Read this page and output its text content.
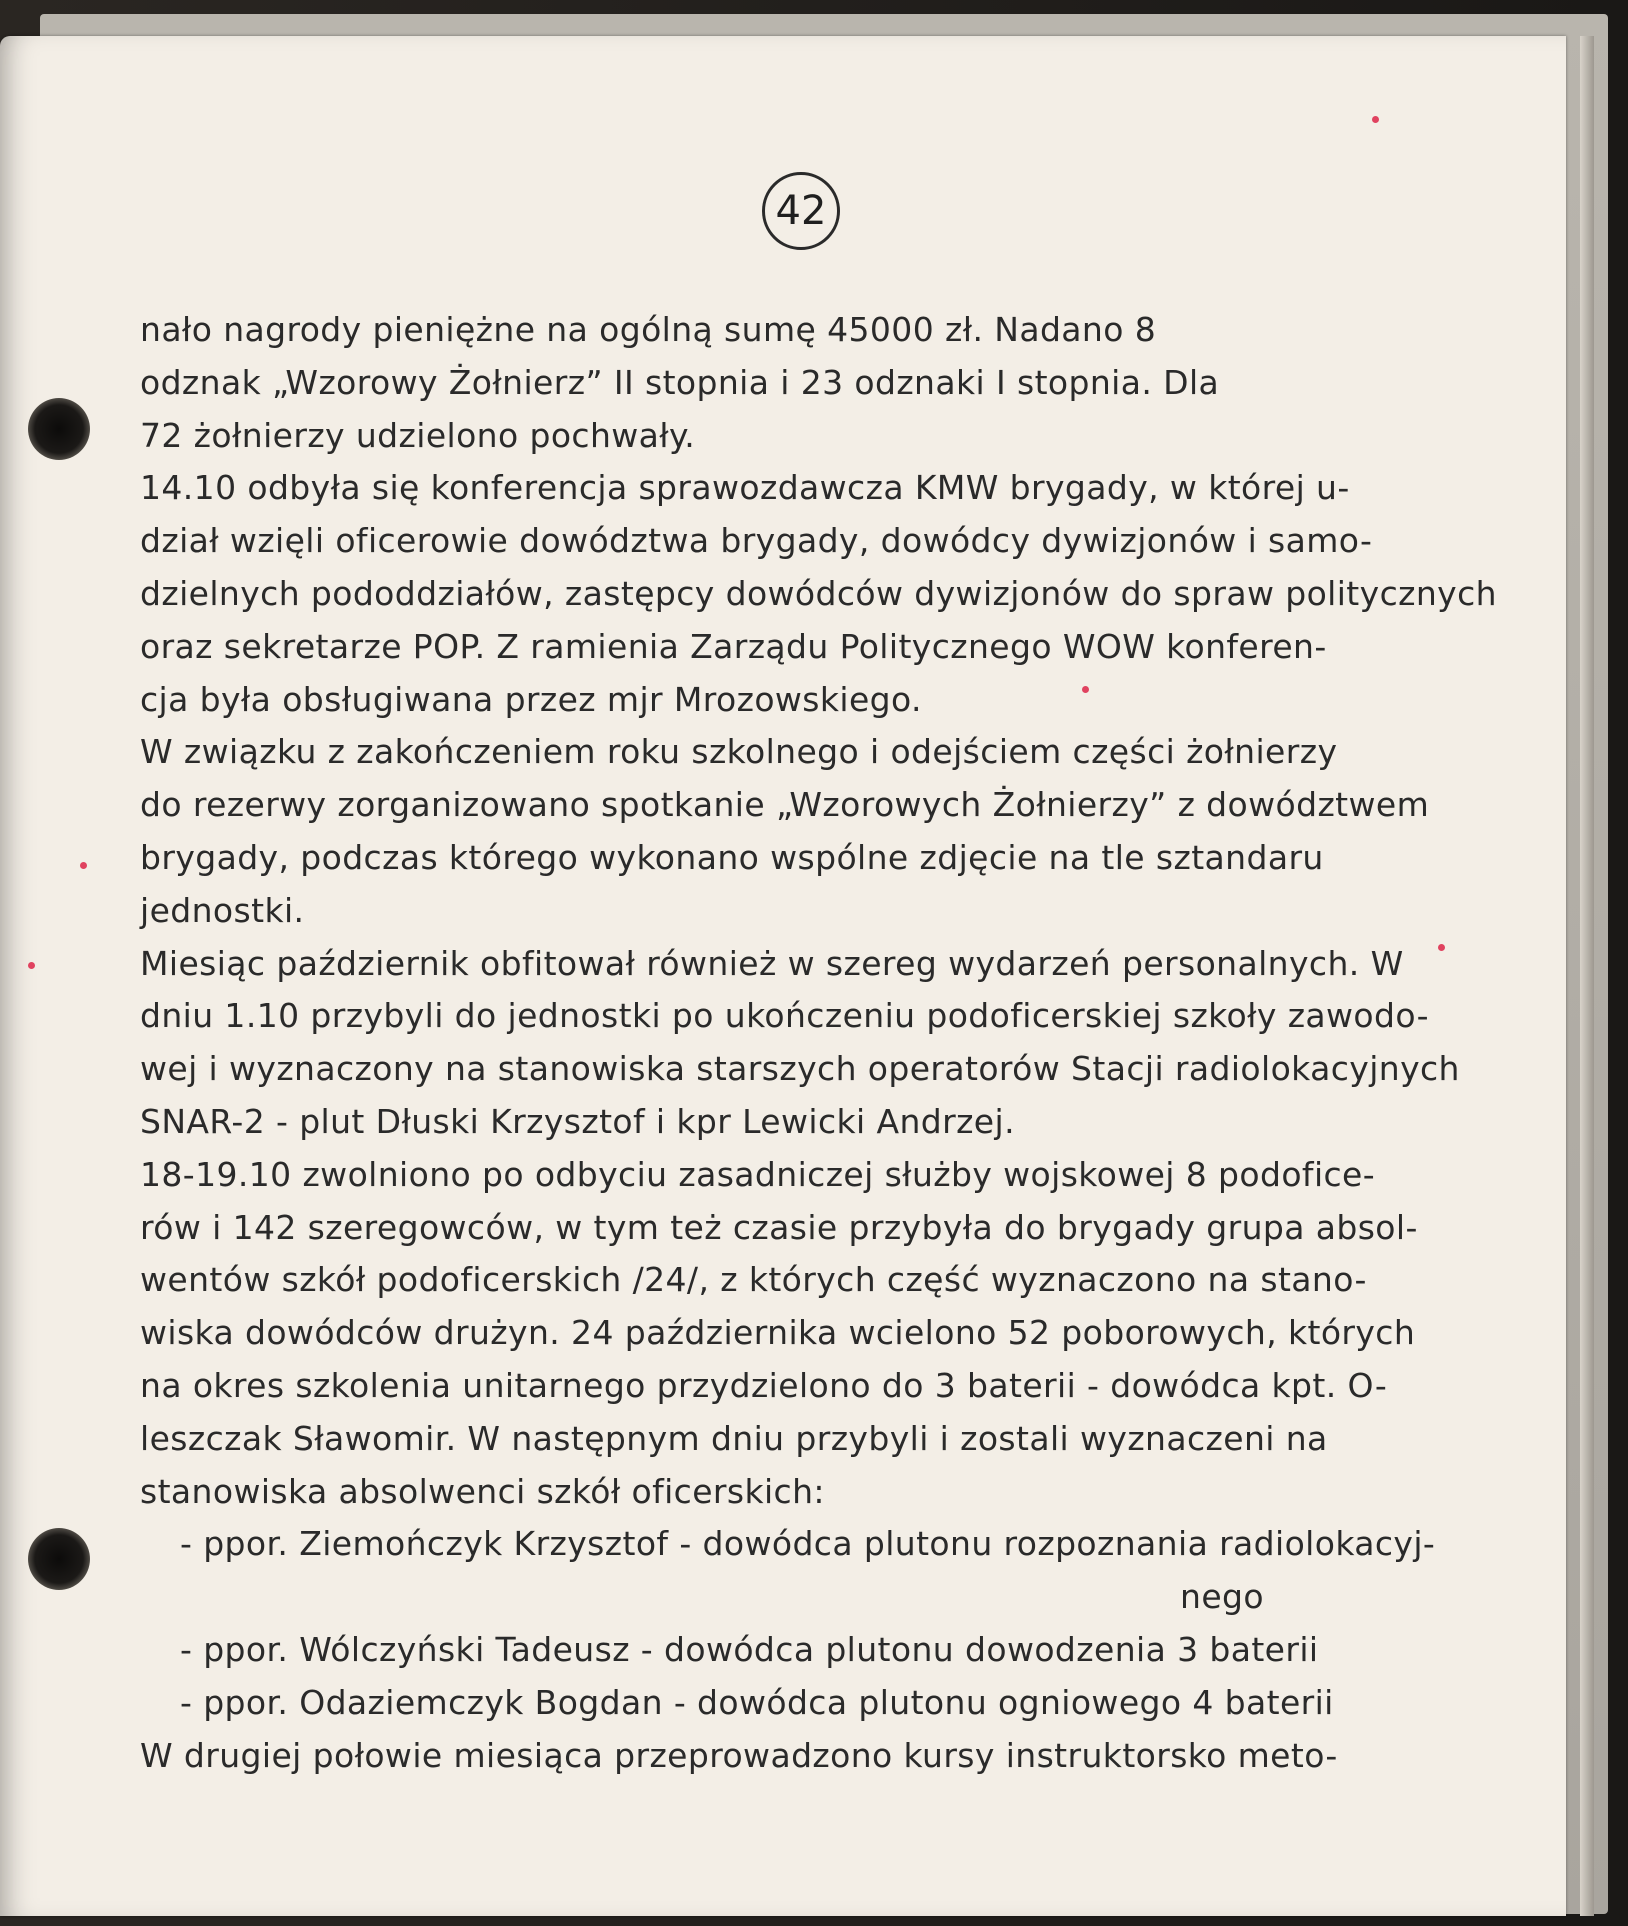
42
nało nagrody pieniężne na ogólną sumę 45000 zł. Nadano 8
odznak „Wzorowy Żołnierz” II stopnia i 23 odznaki I stopnia. Dla
72 żołnierzy udzielono pochwały.
14.10 odbyła się konferencja sprawozdawcza KMW brygady, w której u-
dział wzięli oficerowie dowództwa brygady, dowódcy dywizjonów i samo-
dzielnych pododdziałów, zastępcy dowódców dywizjonów do spraw politycznych
oraz sekretarze POP. Z ramienia Zarządu Politycznego WOW konferen-
cja była obsługiwana przez mjr Mrozowskiego.
W związku z zakończeniem roku szkolnego i odejściem części żołnierzy
do rezerwy zorganizowano spotkanie „Wzorowych Żołnierzy” z dowództwem
brygady, podczas którego wykonano wspólne zdjęcie na tle sztandaru
jednostki.
Miesiąc październik obfitował również w szereg wydarzeń personalnych. W
dniu 1.10 przybyli do jednostki po ukończeniu podoficerskiej szkoły zawodo-
wej i wyznaczony na stanowiska starszych operatorów Stacji radiolokacyjnych
SNAR-2 - plut Dłuski Krzysztof i kpr Lewicki Andrzej.
18-19.10 zwolniono po odbyciu zasadniczej służby wojskowej 8 podofice-
rów i 142 szeregowców, w tym też czasie przybyła do brygady grupa absol-
wentów szkół podoficerskich /24/, z których część wyznaczono na stano-
wiska dowódców drużyn. 24 października wcielono 52 poborowych, których
na okres szkolenia unitarnego przydzielono do 3 baterii - dowódca kpt. O-
leszczak Sławomir. W następnym dniu przybyli i zostali wyznaczeni na
stanowiska absolwenci szkół oficerskich:
- ppor. Ziemończyk Krzysztof - dowódca plutonu rozpoznania radiolokacyj-
nego
- ppor. Wólczyński Tadeusz - dowódca plutonu dowodzenia 3 baterii
- ppor. Odaziemczyk Bogdan - dowódca plutonu ogniowego 4 baterii
W drugiej połowie miesiąca przeprowadzono kursy instruktorsko meto-
